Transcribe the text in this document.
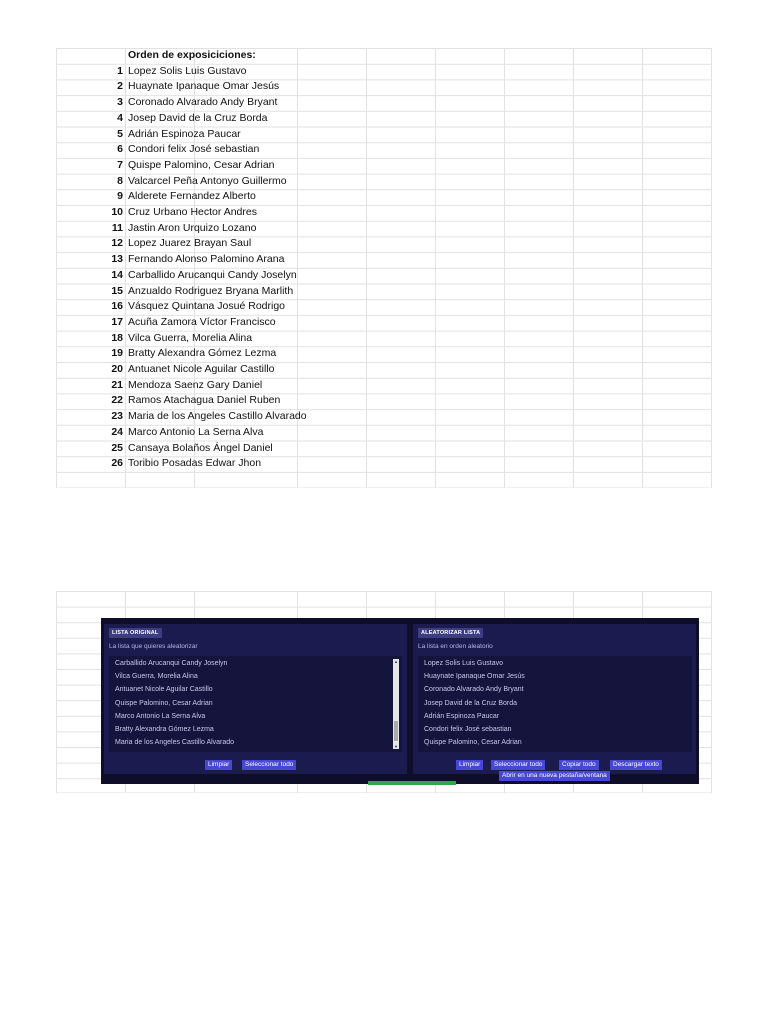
Orden de exposiciciones:
1 Lopez Solis Luis Gustavo
2 Huaynate Ipanaque Omar Jesús
3 Coronado Alvarado Andy Bryant
4 Josep David de la Cruz Borda
5 Adrián Espinoza Paucar
6 Condori felix José sebastian
7 Quispe Palomino, Cesar Adrian
8 Valcarcel Peña Antonyo Guillermo
9 Alderete Fernandez Alberto
10 Cruz Urbano Hector Andres
11 Jastin Aron Urquizo Lozano
12 Lopez Juarez Brayan Saul
13 Fernando Alonso Palomino Arana
14 Carballido Arucanqui Candy Joselyn
15 Anzualdo Rodriguez Bryana Marlith
16 Vásquez Quintana Josué Rodrigo
17 Acuña Zamora Víctor Francisco
18 Vilca Guerra, Morelia Alina
19 Bratty Alexandra Gómez Lezma
20 Antuanet Nicole Aguilar Castillo
21 Mendoza Saenz Gary Daniel
22 Ramos Atachagua Daniel Ruben
23 Maria de los Angeles Castillo Alvarado
24 Marco Antonio La Serna Alva
25 Cansaya Bolaños Ángel Daniel
26 Toribio Posadas Edwar Jhon
LISTA ORIGINAL
La lista que quieres aleatorizar
Carballido Arucanqui Candy Joselyn
Vilca Guerra, Morelia Alina
Antuanet Nicole Aguilar Castillo
Quispe Palomino, Cesar Adrian
Marco Antonio La Serna Alva
Bratty Alexandra Gómez Lezma
Maria de los Angeles Castillo Alvarado
▲
▼
Limpiar	Seleccionar todo
ALEATORIZAR LISTA
La lista en orden aleatorio
Lopez Solis Luis Gustavo
Huaynate Ipanaque Omar Jesús
Coronado Alvarado Andy Bryant
Josep David de la Cruz Borda
Adrián Espinoza Paucar
Condori felix José sebastian
Quispe Palomino, Cesar Adrian
Limpiar	Seleccionar todo	Copiar todo	Descargar texto
Abrir en una nueva pestaña/ventana
